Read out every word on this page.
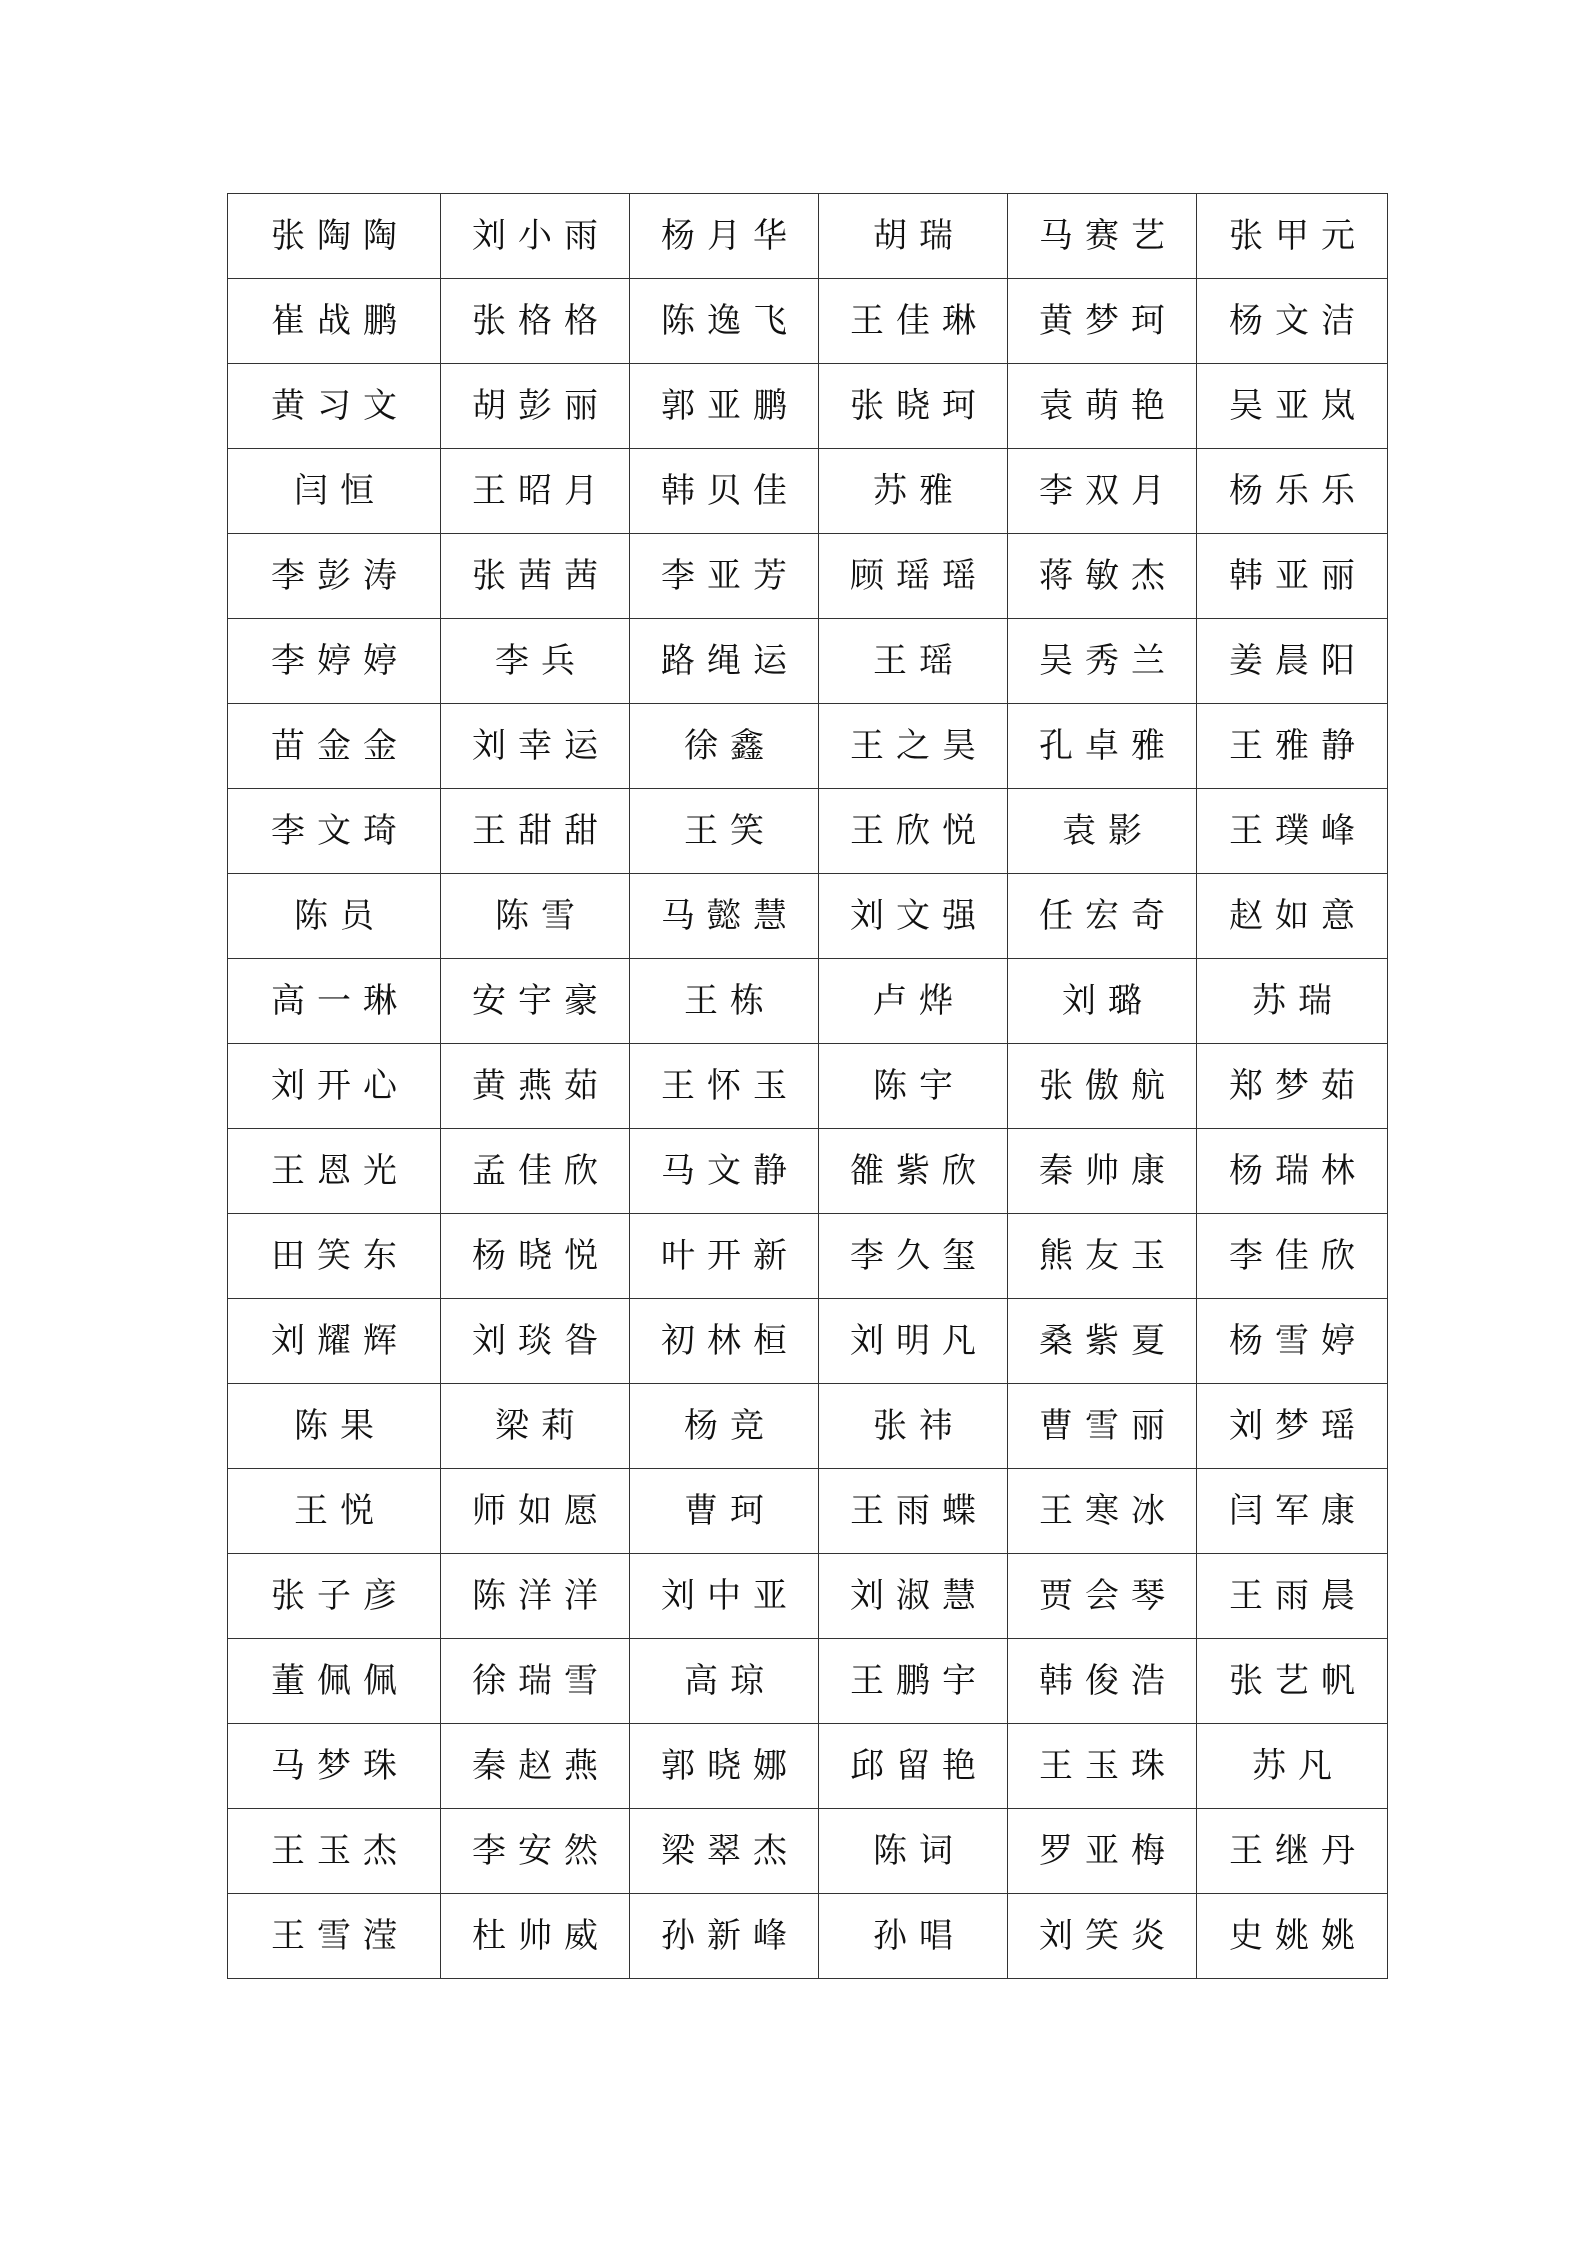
张陶陶	刘小雨	杨月华	胡瑞	马赛艺	张甲元
崔战鹏	张格格	陈逸飞	王佳琳	黄梦珂	杨文洁
黄习文	胡彭丽	郭亚鹏	张晓珂	袁萌艳	吴亚岚
闫恒	王昭月	韩贝佳	苏雅	李双月	杨乐乐
李彭涛	张茜茜	李亚芳	顾瑶瑶	蒋敏杰	韩亚丽
李婷婷	李兵	路绳运	王瑶	吴秀兰	姜晨阳
苗金金	刘幸运	徐鑫	王之昊	孔卓雅	王雅静
李文琦	王甜甜	王笑	王欣悦	袁影	王璞峰
陈员	陈雪	马懿慧	刘文强	任宏奇	赵如意
高一琳	安宇豪	王栋	卢烨	刘璐	苏瑞
刘开心	黄燕茹	王怀玉	陈宇	张傲航	郑梦茹
王恩光	孟佳欣	马文静	雒紫欣	秦帅康	杨瑞林
田笑东	杨晓悦	叶开新	李久玺	熊友玉	李佳欣
刘耀辉	刘琰昝	初林桓	刘明凡	桑紫夏	杨雪婷
陈果	梁莉	杨竞	张祎	曹雪丽	刘梦瑶
王悦	师如愿	曹珂	王雨蝶	王寒冰	闫军康
张子彦	陈洋洋	刘中亚	刘淑慧	贾会琴	王雨晨
董佩佩	徐瑞雪	高琼	王鹏宇	韩俊浩	张艺帆
马梦珠	秦赵燕	郭晓娜	邱留艳	王玉珠	苏凡
王玉杰	李安然	梁翠杰	陈词	罗亚梅	王继丹
王雪滢	杜帅威	孙新峰	孙唱	刘笑炎	史姚姚
